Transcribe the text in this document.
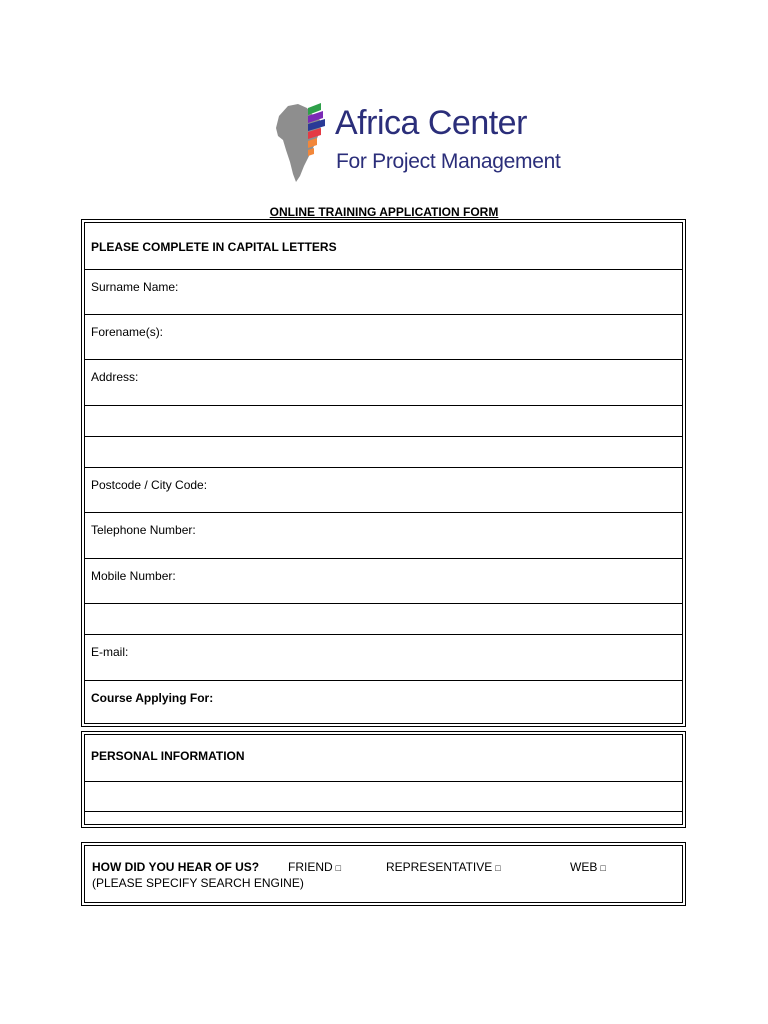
Africa Center
For Project Management
ONLINE TRAINING APPLICATION FORM
PLEASE COMPLETE IN CAPITAL LETTERS
Surname Name:
Forename(s):
Address:
Postcode / City Code:
Telephone Number:
Mobile Number:
E-mail:
Course Applying For:
PERSONAL INFORMATION
HOW DID YOU HEAR OF US? FRIEND □	REPRESENTATIVE □	WEB □
(PLEASE SPECIFY SEARCH ENGINE)
